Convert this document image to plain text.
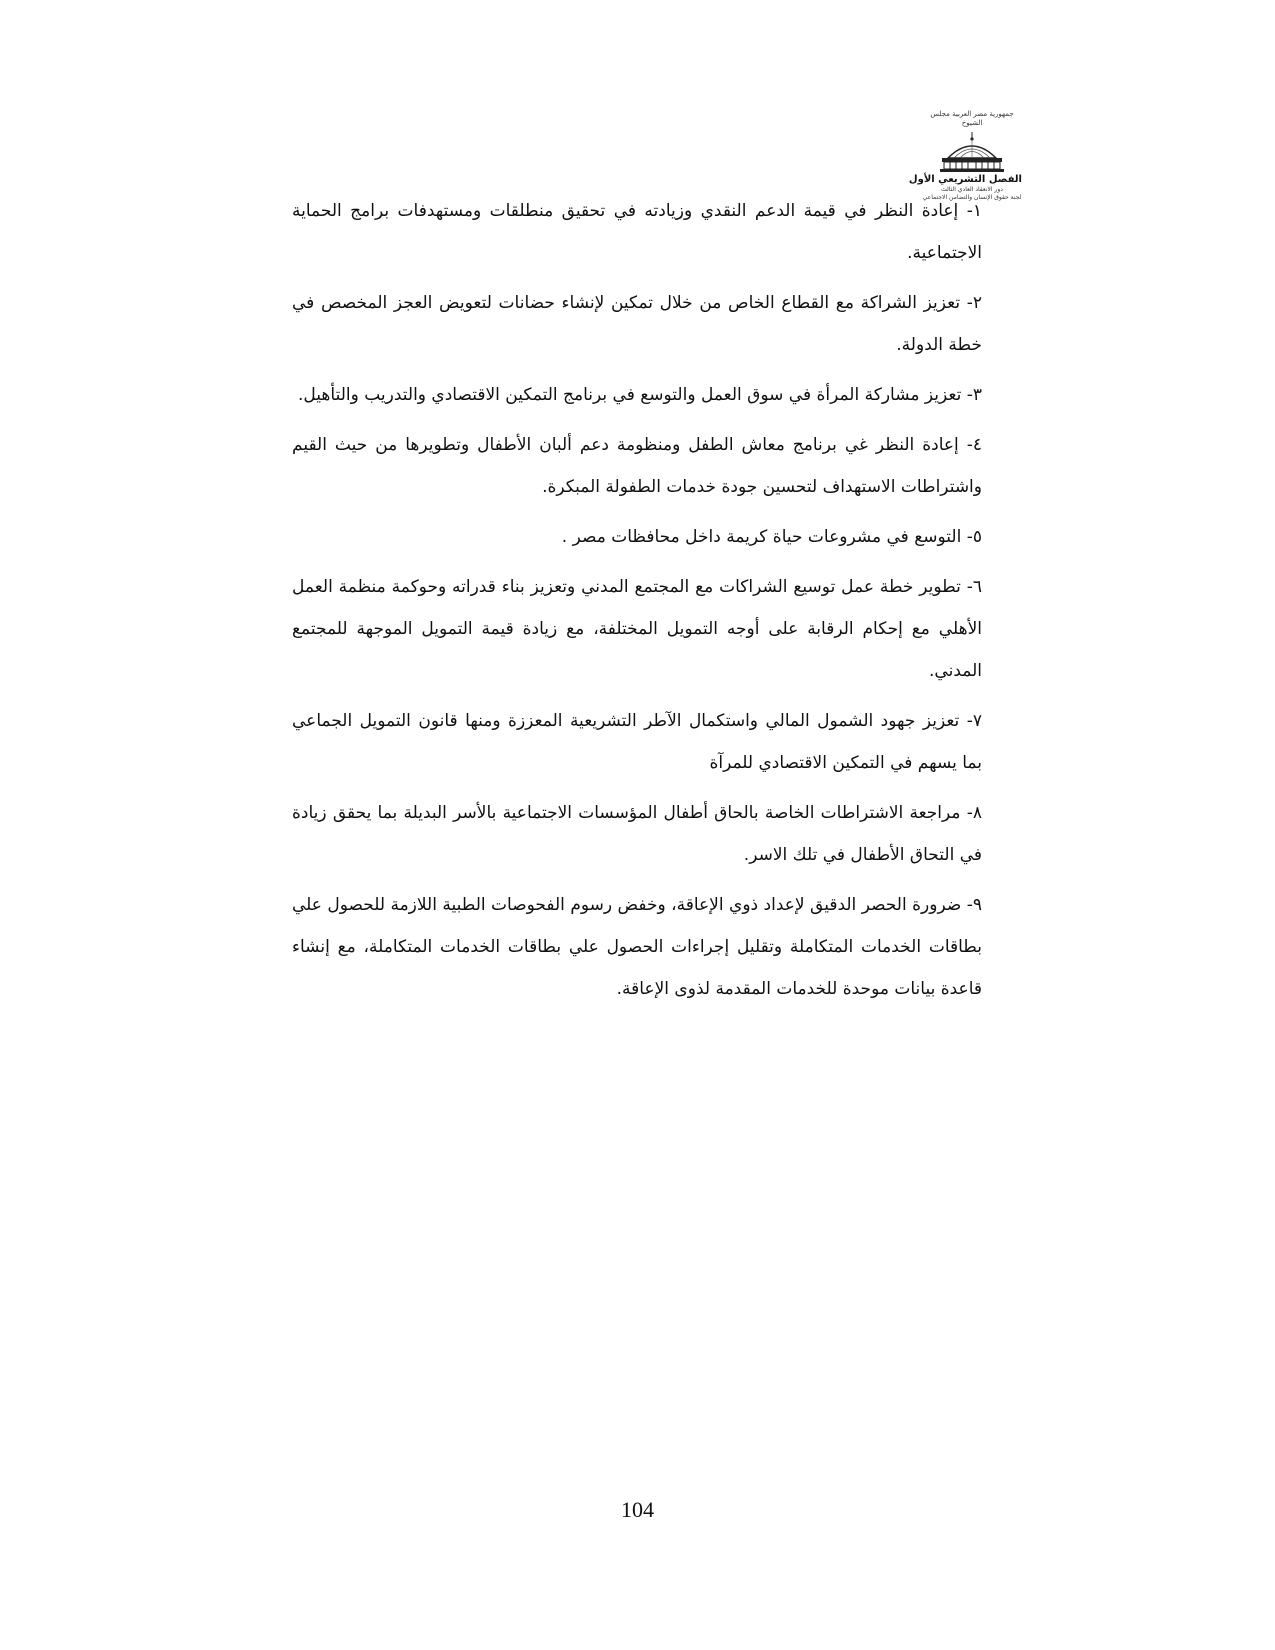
جمهورية مصر العربية مجلس الشيوخ
الفصل التشريعي الأول
دور الانعقاد العادي الثالث
لجنة حقوق الإنسان والتضامن الاجتماعي

١- إعادة النظر في قيمة الدعم النقدي وزيادته في تحقيق منطلقات ومستهدفات برامج الحماية الاجتماعية.

٢- تعزيز الشراكة مع القطاع الخاص من خلال تمكين لإنشاء حضانات لتعويض العجز المخصص في خطة الدولة.

٣- تعزيز مشاركة المرأة في سوق العمل والتوسع في برنامج التمكين الاقتصادي والتدريب والتأهيل.

٤- إعادة النظر غي برنامج معاش الطفل ومنظومة دعم ألبان الأطفال وتطويرها من حيث القيم واشتراطات الاستهداف لتحسين جودة خدمات الطفولة المبكرة.

٥- التوسع في مشروعات حياة كريمة داخل محافظات مصر .

٦- تطوير خطة عمل توسيع الشراكات مع المجتمع المدني وتعزيز بناء قدراته وحوكمة منظمة العمل الأهلي مع إحكام الرقابة على أوجه التمويل المختلفة، مع زيادة قيمة التمويل الموجهة للمجتمع المدني.

٧- تعزيز جهود الشمول المالي واستكمال الآطر التشريعية المعززة ومنها قانون التمويل الجماعي بما يسهم في التمكين الاقتصادي للمرآة

٨- مراجعة الاشتراطات الخاصة بالحاق أطفال المؤسسات الاجتماعية بالأسر البديلة بما يحقق زيادة في التحاق الأطفال في تلك الاسر.

٩- ضرورة الحصر الدقيق لإعداد ذوي الإعاقة، وخفض رسوم الفحوصات الطبية اللازمة للحصول علي بطاقات الخدمات المتكاملة وتقليل إجراءات الحصول علي بطاقات الخدمات المتكاملة، مع إنشاء قاعدة بيانات موحدة للخدمات المقدمة لذوى الإعاقة.

104
